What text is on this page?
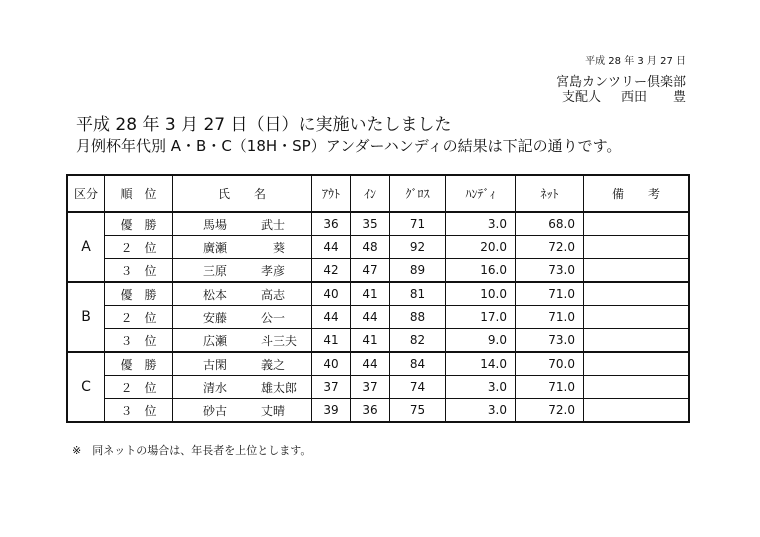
平成 28 年 3 月 27 日
宮島カンツリー倶楽部
支配人 西田　　豊
平成 28 年 3 月 27 日（日）に実施いたしました
月例杯年代別 A・B・C（18H・SP）アンダーハンディの結果は下記の通りです。
区分	順　位	氏　　名	ｱｳﾄ	ｲﾝ	ｸﾞﾛｽ	ﾊﾝﾃﾞｨ	ﾈｯﾄ	備　　考
A	優　勝	馬場 武士	36	35	71	3.0	68.0	
	２　位	廣瀬 　葵	44	48	92	20.0	72.0	
	３　位	三原 孝彦	42	47	89	16.0	73.0	
B	優　勝	松本 高志	40	41	81	10.0	71.0	
	２　位	安藤 公一	44	44	88	17.0	71.0	
	３　位	広瀬 斗三夫	41	41	82	9.0	73.0	
C	優　勝	古閑 義之	40	44	84	14.0	70.0	
	２　位	清水 雄太郎	37	37	74	3.0	71.0	
	３　位	砂古 丈晴	39	36	75	3.0	72.0	
※　同ネットの場合は、年長者を上位とします。
